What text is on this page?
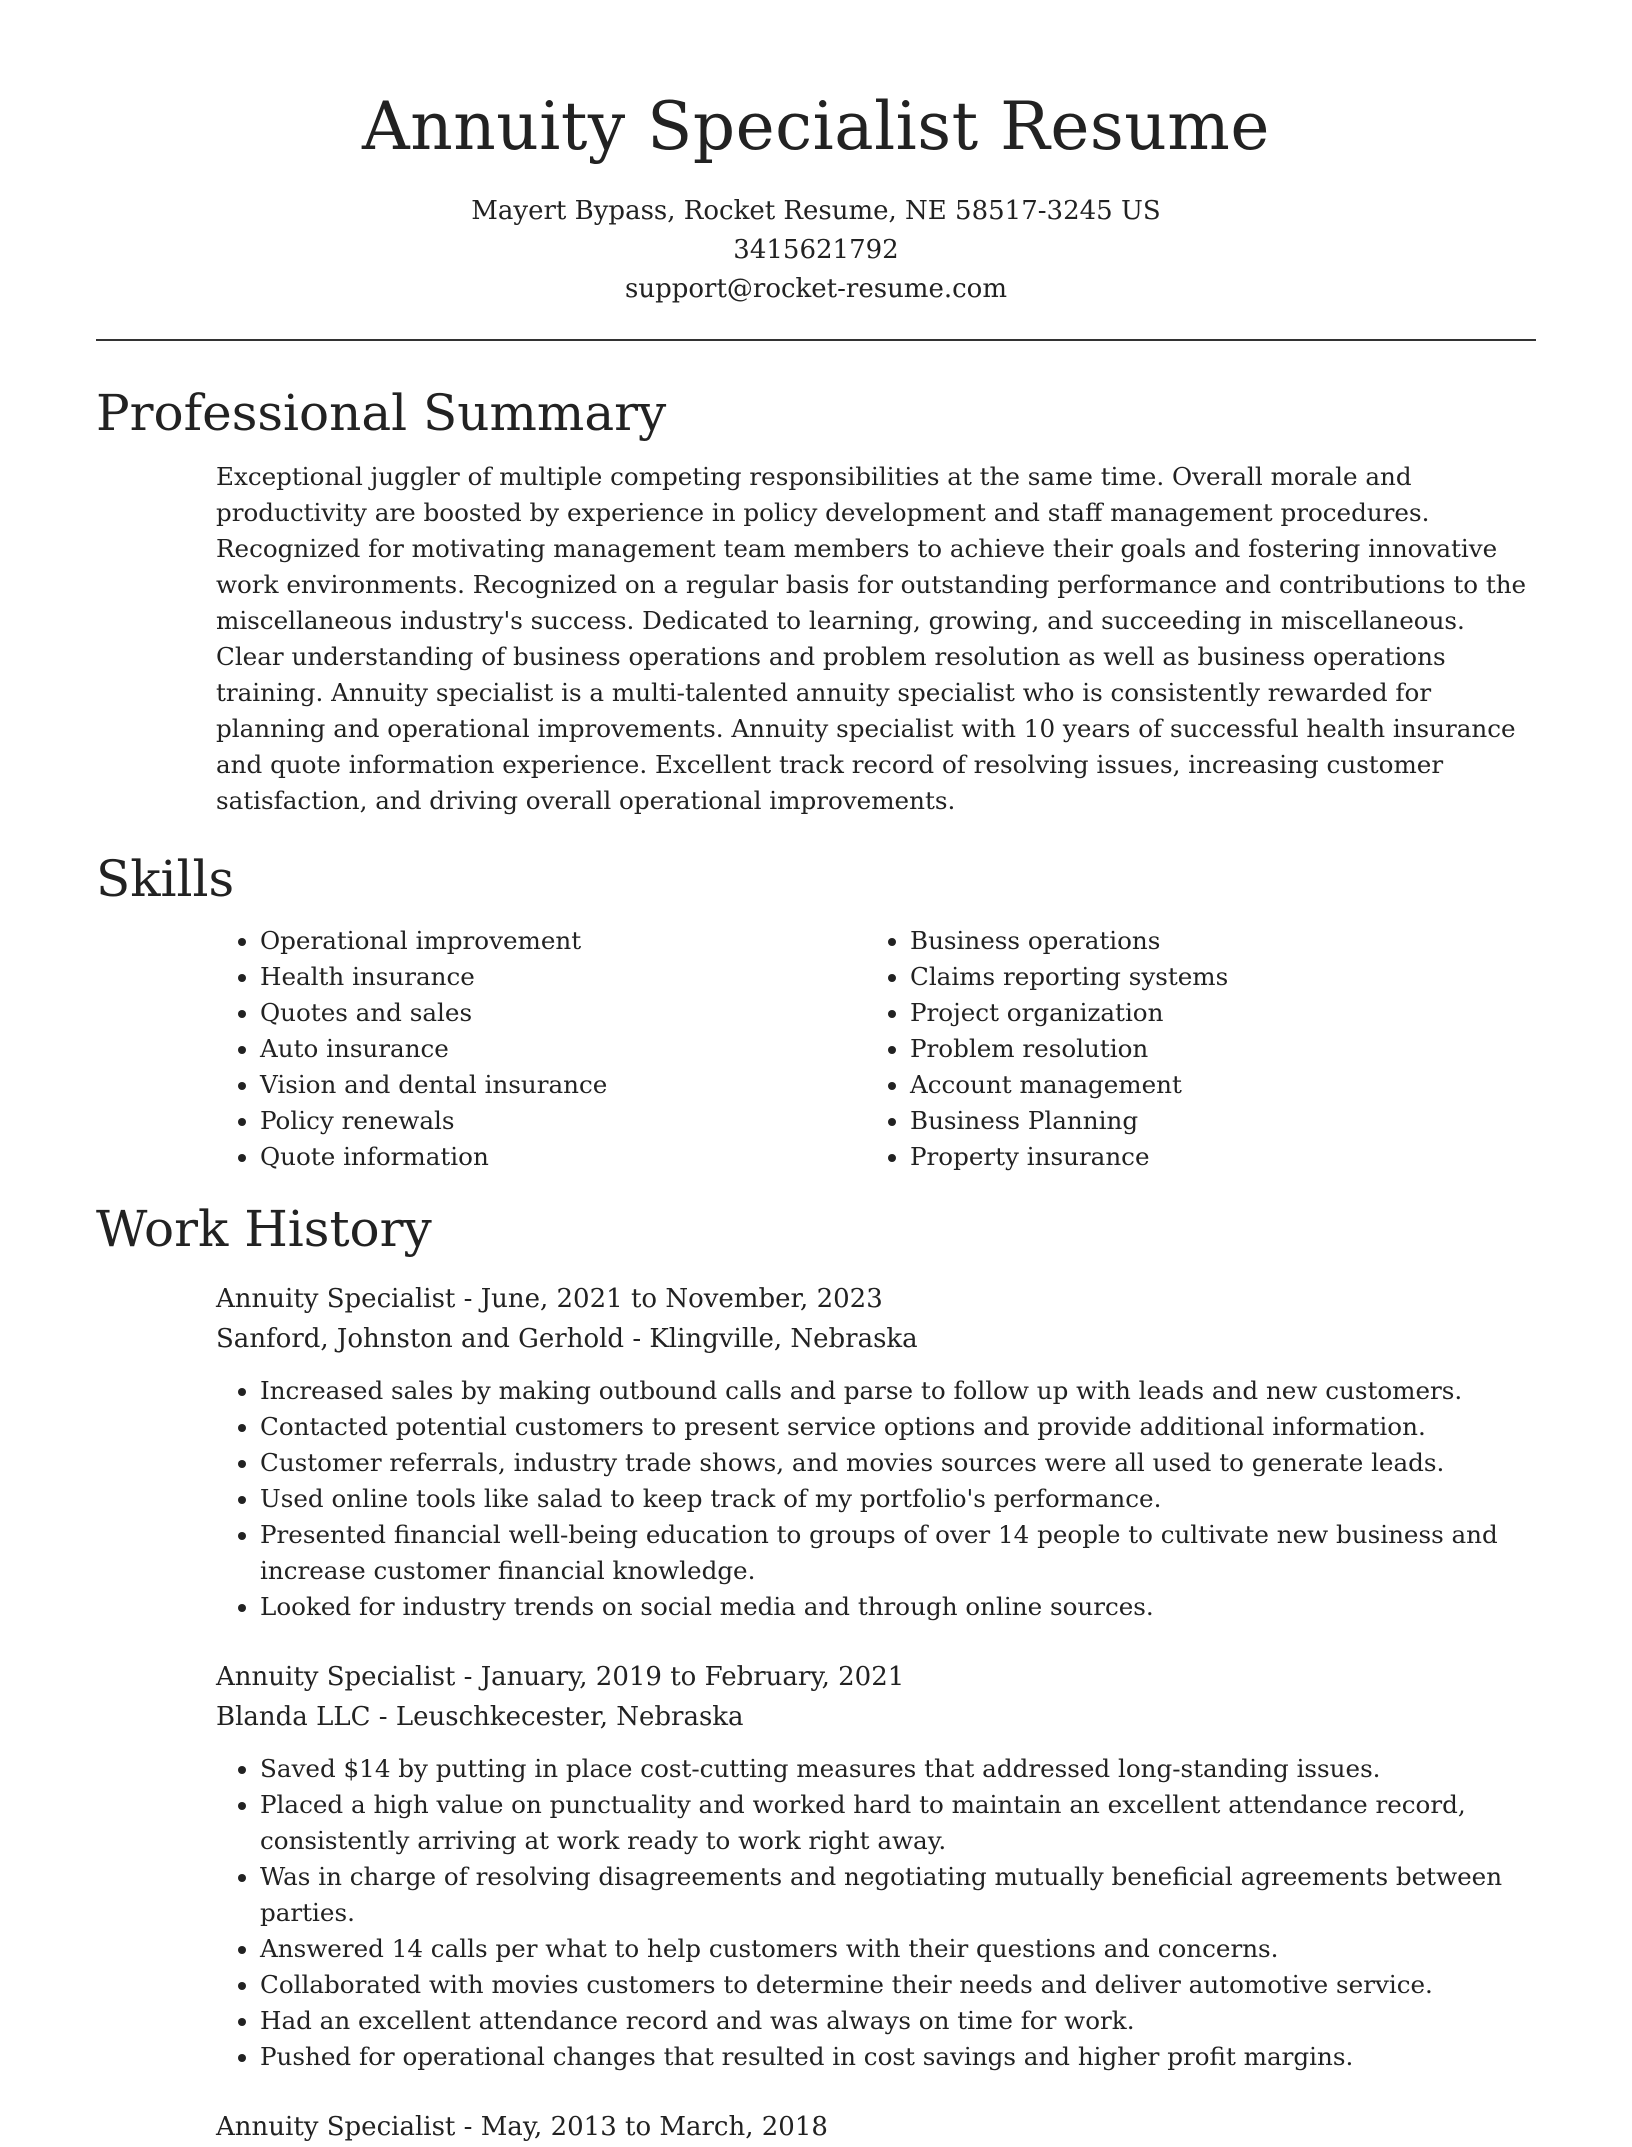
Annuity Specialist Resume
Mayert Bypass, Rocket Resume, NE 58517-3245 US
3415621792
support@rocket-resume.com
Professional Summary

Exceptional juggler of multiple competing responsibilities at the same time. Overall morale and productivity are boosted by experience in policy development and staff management procedures. Recognized for motivating management team members to achieve their goals and fostering innovative work environments. Recognized on a regular basis for outstanding performance and contributions to the miscellaneous industry's success. Dedicated to learning, growing, and succeeding in miscellaneous. Clear understanding of business operations and problem resolution as well as business operations training. Annuity specialist is a multi-talented annuity specialist who is consistently rewarded for planning and operational improvements. Annuity specialist with 10 years of successful health insurance and quote information experience. Excellent track record of resolving issues, increasing customer satisfaction, and driving overall operational improvements.

Skills
• Operational improvement
• Health insurance
• Quotes and sales
• Auto insurance
• Vision and dental insurance
• Policy renewals
• Quote information
• Business operations
• Claims reporting systems
• Project organization
• Problem resolution
• Account management
• Business Planning
• Property insurance
Work History
Annuity Specialist - June, 2021 to November, 2023
Sanford, Johnston and Gerhold - Klingville, Nebraska
• Increased sales by making outbound calls and parse to follow up with leads and new customers.
• Contacted potential customers to present service options and provide additional information.
• Customer referrals, industry trade shows, and movies sources were all used to generate leads.
• Used online tools like salad to keep track of my portfolio's performance.
• Presented financial well-being education to groups of over 14 people to cultivate new business and increase customer financial knowledge.
• Looked for industry trends on social media and through online sources.
Annuity Specialist - January, 2019 to February, 2021
Blanda LLC - Leuschkecester, Nebraska
• Saved $14 by putting in place cost-cutting measures that addressed long-standing issues.
• Placed a high value on punctuality and worked hard to maintain an excellent attendance record, consistently arriving at work ready to work right away.
• Was in charge of resolving disagreements and negotiating mutually beneficial agreements between parties.
• Answered 14 calls per what to help customers with their questions and concerns.
• Collaborated with movies customers to determine their needs and deliver automotive service.
• Had an excellent attendance record and was always on time for work.
• Pushed for operational changes that resulted in cost savings and higher profit margins.
Annuity Specialist - May, 2013 to March, 2018
